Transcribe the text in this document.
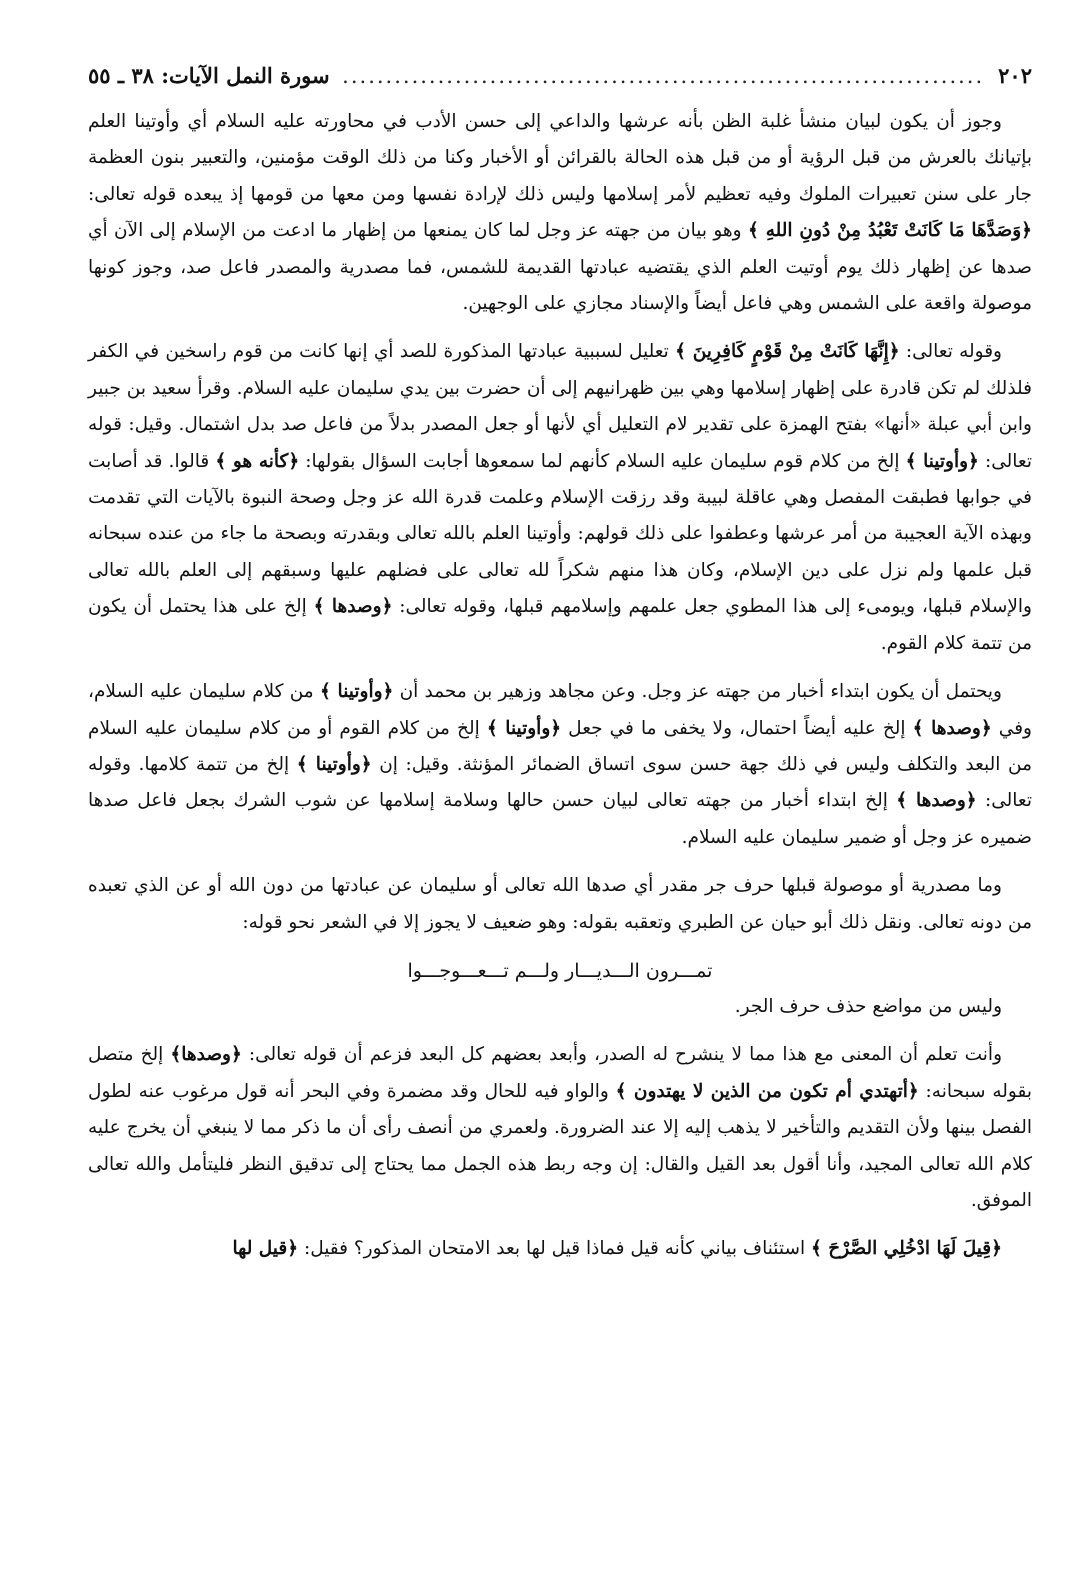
٢٠٢
.....
سورة النمل الآيات: ٣٨ ـ ٥٥

وجوز أن يكون لبيان منشأ غلبة الظن بأنه عرشها والداعي إلى حسن الأدب في محاورته عليه السلام أي وأوتينا العلم بإتيانك بالعرش من قبل الرؤية أو من قبل هذه الحالة بالقرائن أو الأخبار وكنا من ذلك الوقت مؤمنين، والتعبير بنون العظمة جار على سنن تعبيرات الملوك وفيه تعظيم لأمر إسلامها وليس ذلك لإرادة نفسها ومن معها من قومها إذ يبعده قوله تعالى: ﴿وَصَدَّهَا مَا كَانَتْ تَعْبُدُ مِنْ دُونِ اللهِ ﴾ وهو بيان من جهته عز وجل لما كان يمنعها من إظهار ما ادعت من الإسلام إلى الآن أي صدها عن إظهار ذلك يوم أوتيت العلم الذي يقتضيه عبادتها القديمة للشمس، فما مصدرية والمصدر فاعل صد، وجوز كونها موصولة واقعة على الشمس وهي فاعل أيضاً والإسناد مجازي على الوجهين.

وقوله تعالى: ﴿إِنَّهَا كَانَتْ مِنْ قَوْمٍ كَافِرِينَ ﴾ تعليل لسببية عبادتها المذكورة للصد أي إنها كانت من قوم راسخين في الكفر فلذلك لم تكن قادرة على إظهار إسلامها وهي بين ظهرانيهم إلى أن حضرت بين يدي سليمان عليه السلام. وقرأ سعيد بن جبير وابن أبي عبلة «أنها» بفتح الهمزة على تقدير لام التعليل أي لأنها أو جعل المصدر بدلاً من فاعل صد بدل اشتمال. وقيل: قوله تعالى: ﴿وأوتينا ﴾ إلخ من كلام قوم سليمان عليه السلام كأنهم لما سمعوها أجابت السؤال بقولها: ﴿كأنه هو ﴾ قالوا. قد أصابت في جوابها فطبقت المفصل وهي عاقلة لبيبة وقد رزقت الإسلام وعلمت قدرة الله عز وجل وصحة النبوة بالآيات التي تقدمت وبهذه الآية العجيبة من أمر عرشها وعطفوا على ذلك قولهم: وأوتينا العلم بالله تعالى وبقدرته وبصحة ما جاء من عنده سبحانه قبل علمها ولم نزل على دين الإسلام، وكان هذا منهم شكراً لله تعالى على فضلهم عليها وسبقهم إلى العلم بالله تعالى والإسلام قبلها، ويومىء إلى هذا المطوي جعل علمهم وإسلامهم قبلها، وقوله تعالى: ﴿وصدها ﴾ إلخ على هذا يحتمل أن يكون من تتمة كلام القوم.

ويحتمل أن يكون ابتداء أخبار من جهته عز وجل. وعن مجاهد وزهير بن محمد أن ﴿وأوتينا ﴾ من كلام سليمان عليه السلام، وفي ﴿وصدها ﴾ إلخ عليه أيضاً احتمال، ولا يخفى ما في جعل ﴿وأوتينا ﴾ إلخ من كلام القوم أو من كلام سليمان عليه السلام من البعد والتكلف وليس في ذلك جهة حسن سوى اتساق الضمائر المؤنثة. وقيل: إن ﴿وأوتينا ﴾ إلخ من تتمة كلامها. وقوله تعالى: ﴿وصدها ﴾ إلخ ابتداء أخبار من جهته تعالى لبيان حسن حالها وسلامة إسلامها عن شوب الشرك بجعل فاعل صدها ضميره عز وجل أو ضمير سليمان عليه السلام.

وما مصدرية أو موصولة قبلها حرف جر مقدر أي صدها الله تعالى أو سليمان عن عبادتها من دون الله أو عن الذي تعبده من دونه تعالى. ونقل ذلك أبو حيان عن الطبري وتعقبه بقوله: وهو ضعيف لا يجوز إلا في الشعر نحو قوله:

تمـــرون الـــديـــار ولـــم تـــعـــوجـــوا

وليس من مواضع حذف حرف الجر.

وأنت تعلم أن المعنى مع هذا مما لا ينشرح له الصدر، وأبعد بعضهم كل البعد فزعم أن قوله تعالى: ﴿وصدها﴾ إلخ متصل بقوله سبحانه: ﴿أتهتدي أم تكون من الذين لا يهتدون ﴾ والواو فيه للحال وقد مضمرة وفي البحر أنه قول مرغوب عنه لطول الفصل بينها ولأن التقديم والتأخير لا يذهب إليه إلا عند الضرورة. ولعمري من أنصف رأى أن ما ذكر مما لا ينبغي أن يخرج عليه كلام الله تعالى المجيد، وأنا أقول بعد القيل والقال: إن وجه ربط هذه الجمل مما يحتاج إلى تدقيق النظر فليتأمل والله تعالى الموفق.

﴿قِيلَ لَهَا ادْخُلِي الصَّرْحَ ﴾ استئناف بياني كأنه قيل فماذا قيل لها بعد الامتحان المذكور؟ فقيل: ﴿قيل لها
